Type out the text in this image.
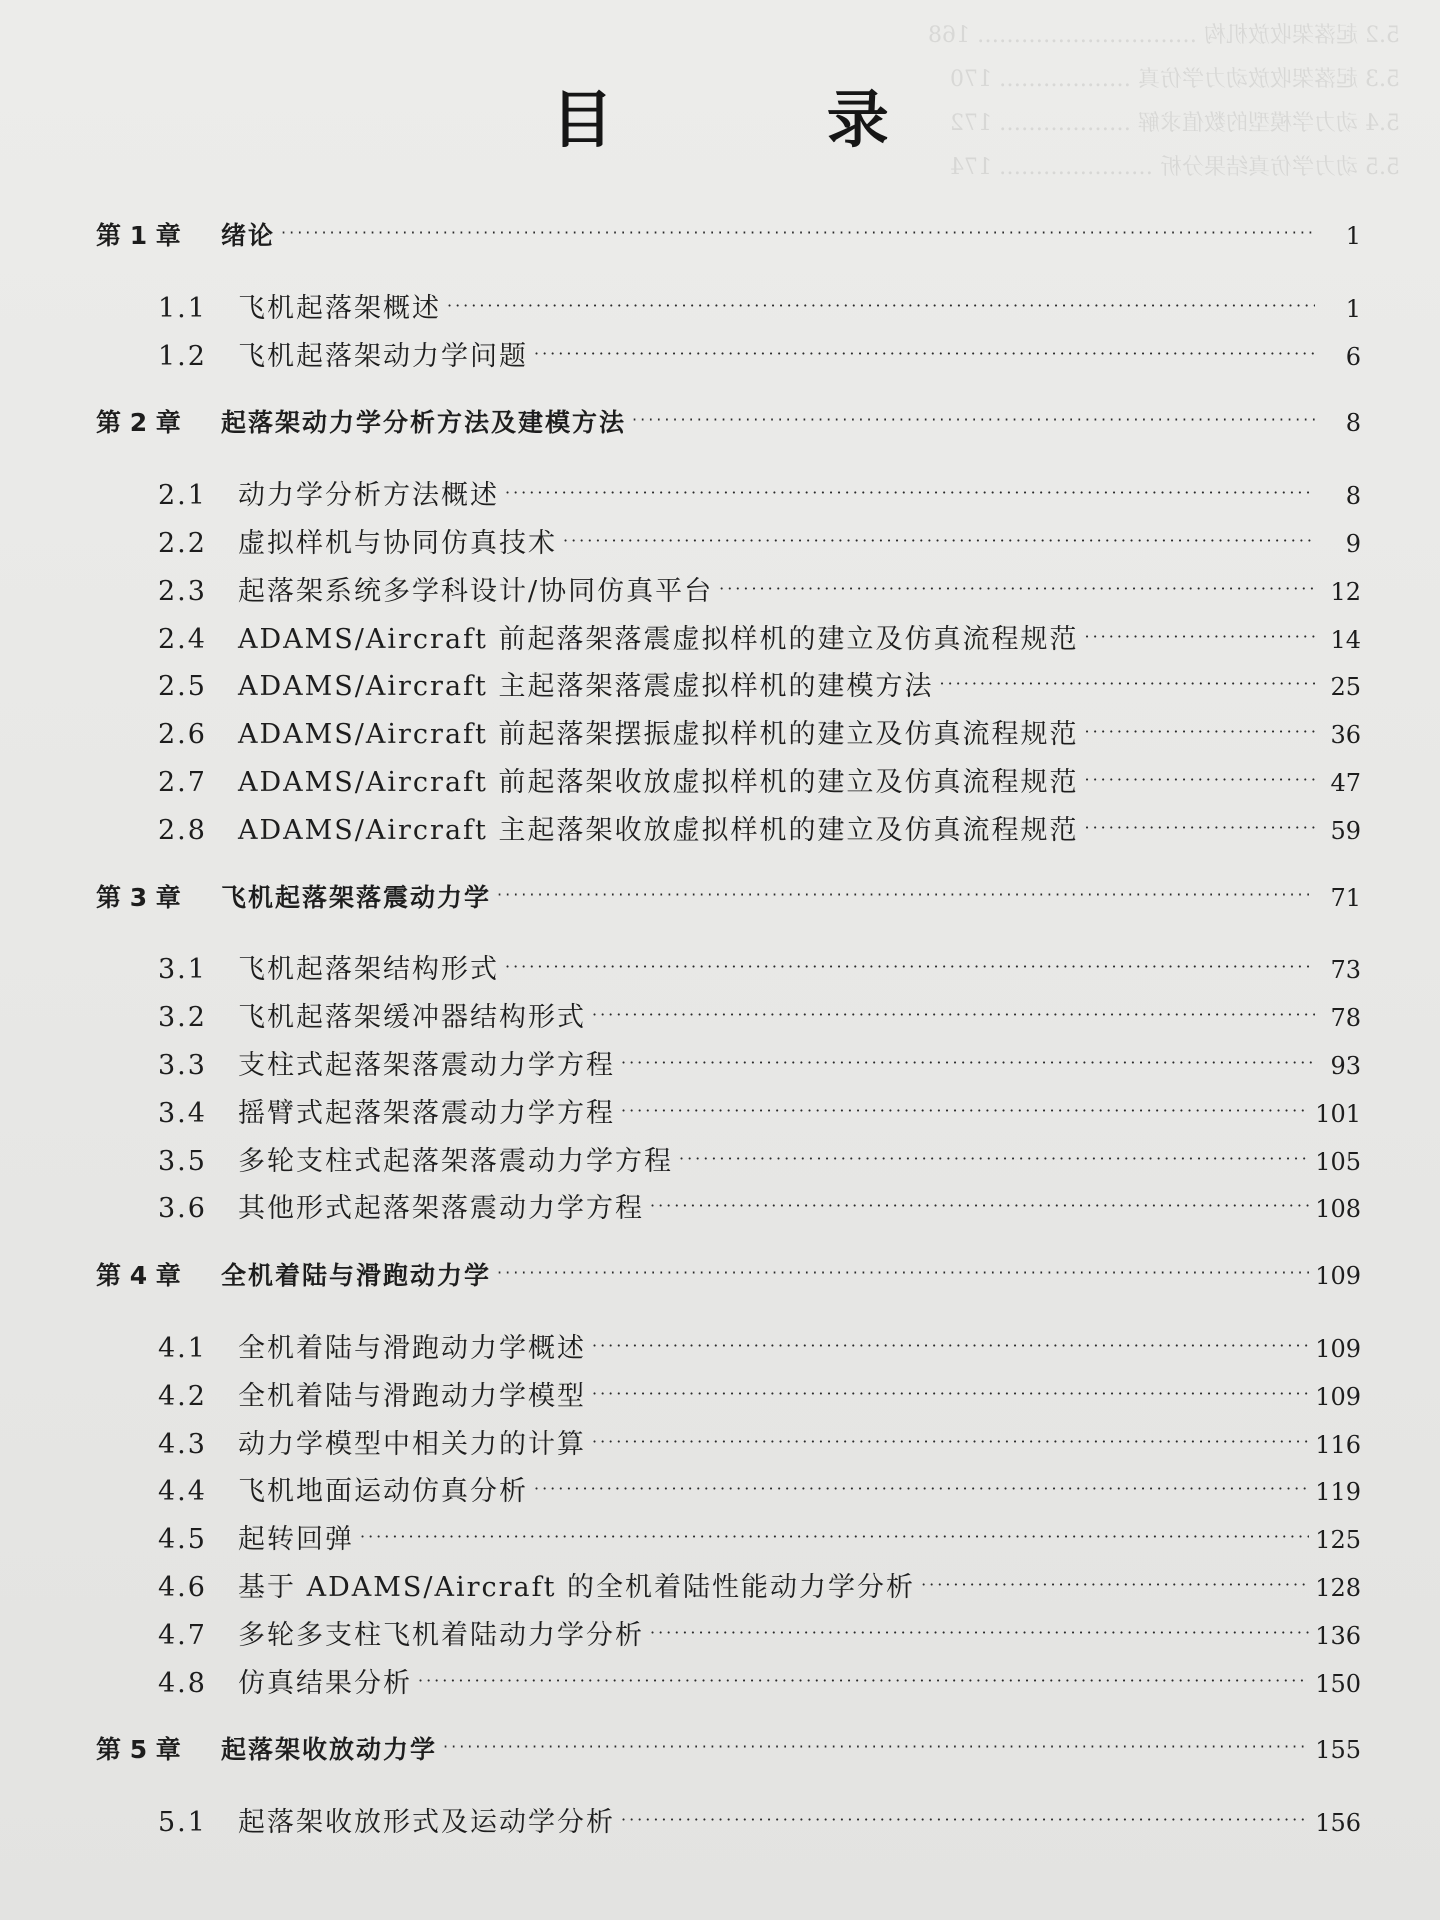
5.2 起落架收放机构 ………………………… 168
5.3 起落架收放动力学仿真 ……………… 170
5.4 动力学模型的数值求解 ……………… 172
5.5 动力学仿真结果分析 ………………… 174
目 录
第 1 章	绪论 ·····	1
1.1	飞机起落架概述 ·····	1
1.2	飞机起落架动力学问题 ·····	6
第 2 章	起落架动力学分析方法及建模方法 ·····	8
2.1	动力学分析方法概述 ·····	8
2.2	虚拟样机与协同仿真技术 ·····	9
2.3	起落架系统多学科设计/协同仿真平台 ·····	12
2.4	ADAMS/Aircraft 前起落架落震虚拟样机的建立及仿真流程规范 ·····	14
2.5	ADAMS/Aircraft 主起落架落震虚拟样机的建模方法 ·····	25
2.6	ADAMS/Aircraft 前起落架摆振虚拟样机的建立及仿真流程规范 ·····	36
2.7	ADAMS/Aircraft 前起落架收放虚拟样机的建立及仿真流程规范 ·····	47
2.8	ADAMS/Aircraft 主起落架收放虚拟样机的建立及仿真流程规范 ·····	59
第 3 章	飞机起落架落震动力学 ·····	71
3.1	飞机起落架结构形式 ·····	73
3.2	飞机起落架缓冲器结构形式 ·····	78
3.3	支柱式起落架落震动力学方程 ·····	93
3.4	摇臂式起落架落震动力学方程 ·····	101
3.5	多轮支柱式起落架落震动力学方程 ·····	105
3.6	其他形式起落架落震动力学方程 ·····	108
第 4 章	全机着陆与滑跑动力学 ·····	109
4.1	全机着陆与滑跑动力学概述 ·····	109
4.2	全机着陆与滑跑动力学模型 ·····	109
4.3	动力学模型中相关力的计算 ·····	116
4.4	飞机地面运动仿真分析 ·····	119
4.5	起转回弹 ·····	125
4.6	基于 ADAMS/Aircraft 的全机着陆性能动力学分析 ·····	128
4.7	多轮多支柱飞机着陆动力学分析 ·····	136
4.8	仿真结果分析 ·····	150
第 5 章	起落架收放动力学 ·····	155
5.1	起落架收放形式及运动学分析 ·····	156
